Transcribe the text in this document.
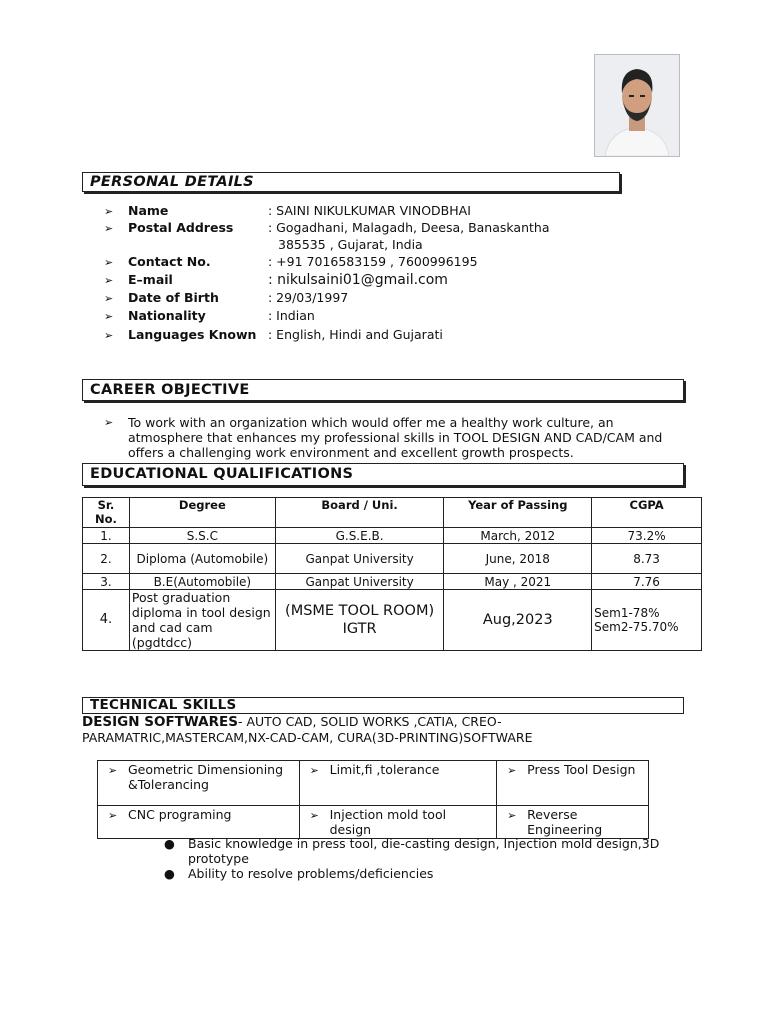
PERSONAL DETAILS
➢ Name	: SAINI NIKULKUMAR VINODBHAI
➢ Postal Address	: Gogadhani, Malagadh, Deesa, Banaskantha
385535 , Gujarat, India
➢ Contact No.	: +91 7016583159 , 7600996195
➢ E–mail	: nikulsaini01@gmail.com
➢ Date of Birth	: 29/03/1997
➢ Nationality	: Indian
➢ Languages Known : English, Hindi and Gujarati
CAREER OBJECTIVE
➢ To work with an organization which would offer me a healthy work culture, an atmosphere that enhances my professional skills in TOOL DESIGN AND CAD/CAM and offers a challenging work environment and excellent growth prospects.
EDUCATIONAL QUALIFICATIONS
Sr. No.	Degree	Board / Uni.	Year of Passing	CGPA
1.	S.S.C	G.S.E.B.	March, 2012	73.2%
2.	Diploma (Automobile)	Ganpat University	June, 2018	8.73
3.	B.E(Automobile)	Ganpat University	May , 2021	7.76
4.	Post graduation diploma in tool design and cad cam (pgdtdcc)	(MSME TOOL ROOM) IGTR	Aug,2023	Sem1-78%
Sem2-75.70%
TECHNICAL SKILLS
DESIGN SOFTWARES- AUTO CAD, SOLID WORKS ,CATIA, CREO-PARAMATRIC,MASTERCAM,NX-CAD-CAM, CURA(3D-PRINTING)SOFTWARE
➢ Geometric Dimensioning &Tolerancing	➢ Limit,fi ,tolerance	➢ Press Tool Design

➢ CNC programing	➢ Injection mold tool design	➢ Reverse Engineering
● Basic knowledge in press tool, die-casting design, Injection mold design,3D prototype
● Ability to resolve problems/deficiencies
